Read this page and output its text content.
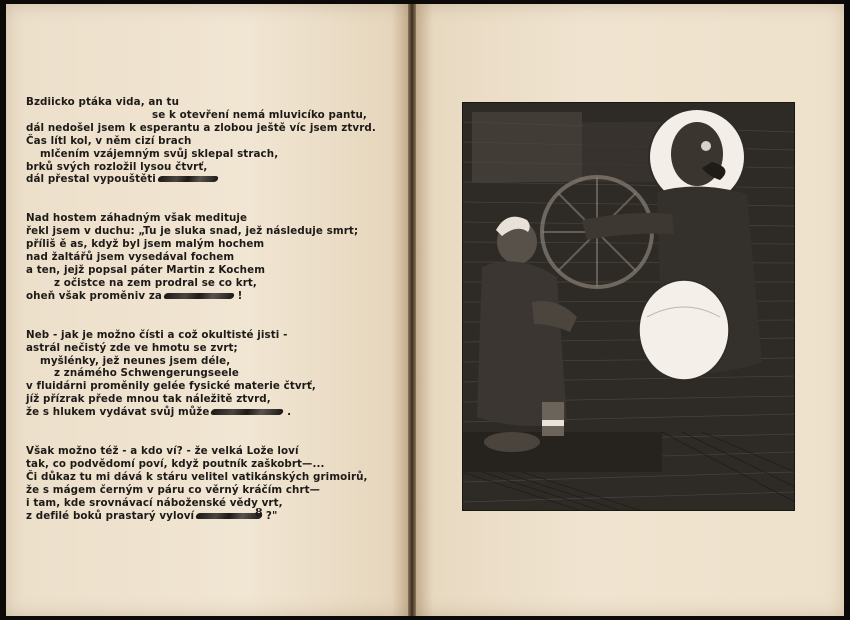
Bzdiicko ptáka vida, an tu
se k otevření nemá mluvicíko pantu,
dál nedošel jsem k esperantu a zlobou ještě víc jsem ztvrd.
Čas lítl kol, v něm cizí brach
mlčením vzájemným svůj sklepal strach,
brků svých rozložil lysou čtvrť,
dál přestal vypouštěti
Nad hostem záhadným však medituje
řekl jsem v duchu: „Tu je sluka snad, jež následuje smrt;
příliš ě as, když byl jsem malým hochem
nad žaltářů jsem vysedával fochem
a ten, jejž popsal páter Martin z Kochem
z očistce na zem prodral se co krt,
oheň však proměniv za	!
Neb - jak je možno čísti a což okultisté jisti -
astrál nečistý zde ve hmotu se zvrt;
myšlénky, jež neunes jsem déle,
z známého Schwengerungseele
v fluidárni proměnily gelée fysické materie čtvrť,
jíž přízrak přede mnou tak náležitě ztvrd,
že s hlukem vydávat svůj může	.
Však možno též - a kdo ví? - že velká Lože loví
tak, co podvědomí poví, když poutník zaškobrt—...
Či důkaz tu mi dává k stáru velitel vatikánských grimoirů,
že s mágem černým v páru co věrný kráčím chrt—
i tam, kde srovnávací náboženské vědy vrt,
z defilé boků prastarý vyloví	?"
8
